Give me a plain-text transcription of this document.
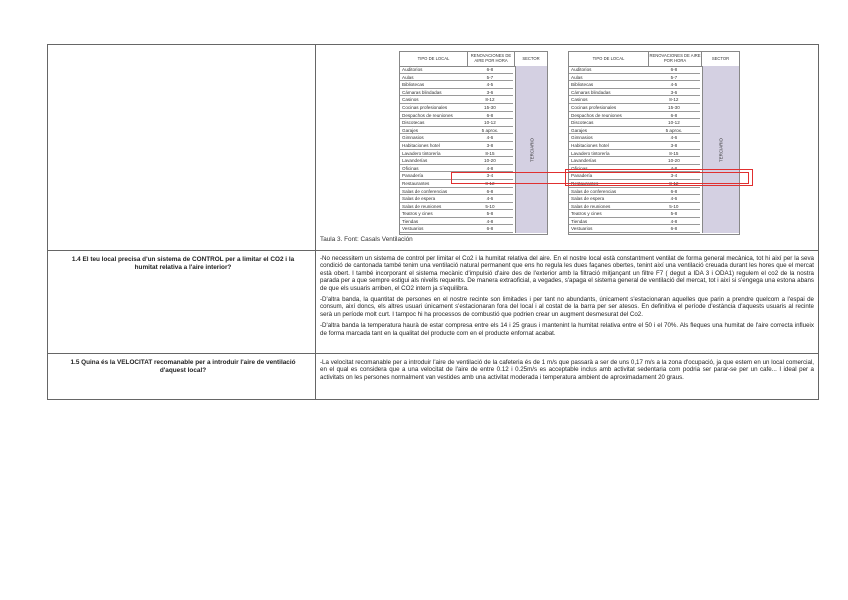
TIPO DE LOCAL	RENOVACIONES DE AIRE POR HORA	SECTOR
Auditorios	6-8
Aulas	5-7
Bibliotecas	4-5
Cámaras blindadas	3-6
Casinos	8-12
Cocinas profesionales	15-30
Despachos de reuniones	6-8
Discotecas	10-12
Garajes	5 aprox.
Gimnasios	4-6
Habitaciones hotel	3-8
Lavadero tintorería	8-15
Lavanderías	10-20
Oficinas	4-8
Panadería	3-4
Restaurantes	8-12
Salas de conferencias	6-8
Salas de espera	4-6
Salas de reuniones	5-10
Teatros y cines	5-8
Tiendas	4-8
Vestuarios	6-8
TERCIARIO
TIPO DE LOCAL	RENOVACIONES DE AIRE POR HORA	SECTOR
Auditorios	6-8
Aulas	5-7
Bibliotecas	4-5
Cámaras blindadas	3-6
Casinos	8-12
Cocinas profesionales	15-30
Despachos de reuniones	6-8
Discotecas	10-12
Garajes	5 aprox.
Gimnasios	4-6
Habitaciones hotel	3-8
Lavadero tintorería	8-15
Lavanderías	10-20
Oficinas	4-8
Panadería	3-4
Restaurantes	8-12
Salas de conferencias	6-8
Salas de espera	4-6
Salas de reuniones	5-10
Teatros y cines	5-8
Tiendas	4-8
Vestuarios	6-8
TERCIARIO
Taula 3. Font: Casals Ventilación
1.4 El teu local precisa d'un sistema de CONTROL per a limitar el CO2 i la humitat relativa a l'aire interior?

-No necessitem un sistema de control per limitar el Co2 i la humitat relativa del aire. En el nostre local està constantment ventilat de forma general mecànica, tot hi així per la seva condició de cantonada també tenim una ventilació natural permanent que ens ho regula les dues façanes obertes, tenint així una ventilació creuada durant les hores que el mercat està obert. I també incorporant el sistema mecànic d'impulsió d'aire des de l'exterior amb la filtració mitjançant un filtre F7 ( degut a IDA 3 i ODA1) regulem el co2 de la nostra parada per a que sempre estigui als nivells requerits. De manera extraoficial, a vegades, s'apaga el sistema general de ventilació del mercat, tot i així si s'engega una estona abans de que els usuaris arriben, el CO2 intern ja s'equilibra.

-D'altra banda, la quantitat de persones en el nostre recinte son limitades i per tant no abundants, únicament s'estacionaran aquelles que parin a prendre quelcom a l'espai de consum, així doncs, els altres usuari únicament s'estacionaran fora del local i al costat de la barra per ser atesos. En definitiva el període d'estància d'aquests usuaris al recinte serà un període molt curt. I tampoc hi ha processos de combustió que podrien crear un augment desmesurat del Co2.

-D'altra banda la temperatura haurà de estar compresa entre els 14 i 25 graus i mantenint la humitat relativa entre el 50 i el 70%. Als fleques una humitat de l'aire correcta influeix de forma marcada tant en la qualitat del producte com en el producte enfornat acabat.

1.5 Quina és la VELOCITAT recomanable per a introduir l'aire de ventilació d'aquest local?

-La velocitat recomanable per a introduir l'aire de ventilació de la cafeteria és de 1 m/s que passarà a ser de uns 0,17 m/s a la zona d'ocupació, ja que estem en un local comercial, en el qual es considera que a una velocitat de l'aire de entre 0.12 i 0.25m/s es acceptable inclus amb activitat sedentaria com podria ser parar-se per un cafe... I ideal per a activitats on les persones normalment van vestides amb una activitat moderada i temperatura ambient de aproximadament 20 graus.
